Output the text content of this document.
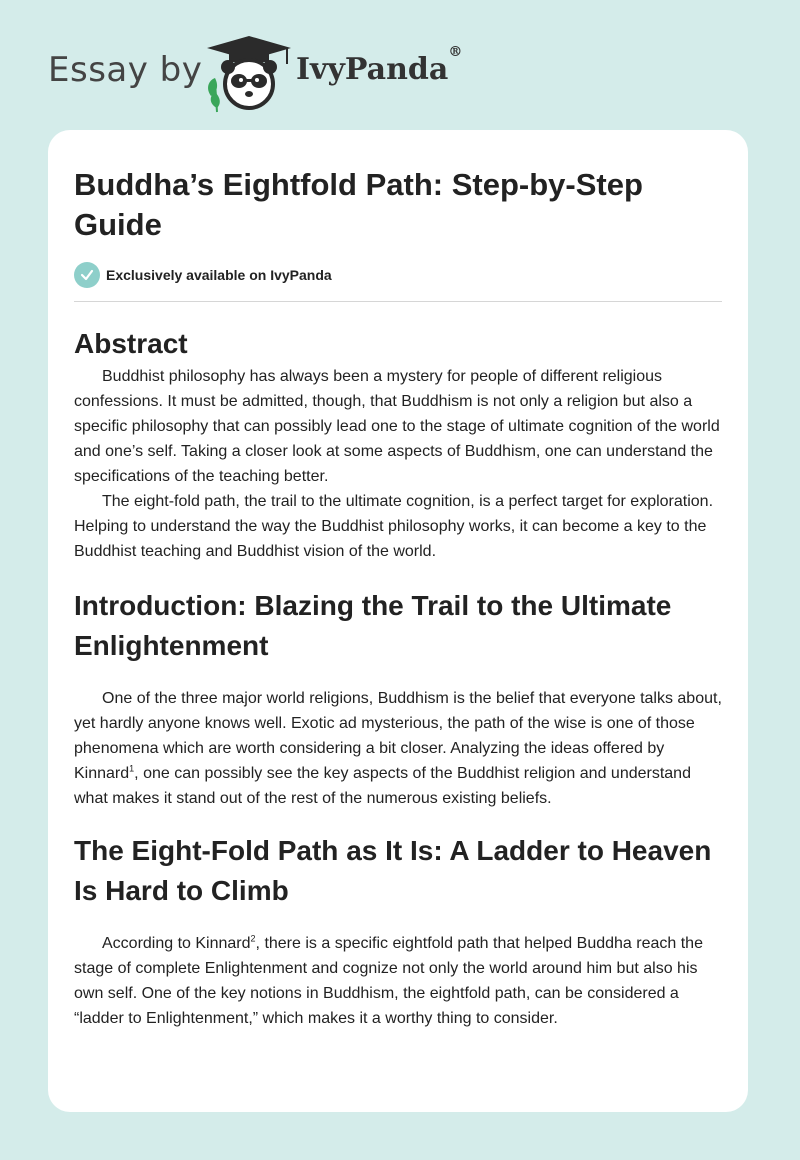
Essay by	IvyPanda®
Buddha’s Eightfold Path: Step-by-Step Guide
Exclusively available on IvyPanda
Abstract

Buddhist philosophy has always been a mystery for people of different religious confessions. It must be admitted, though, that Buddhism is not only a religion but also a specific philosophy that can possibly lead one to the stage of ultimate cognition of the world and one’s self. Taking a closer look at some aspects of Buddhism, one can understand the specifications of the teaching better.

The eight-fold path, the trail to the ultimate cognition, is a perfect target for exploration. Helping to understand the way the Buddhist philosophy works, it can become a key to the Buddhist teaching and Buddhist vision of the world.

Introduction: Blazing the Trail to the Ultimate Enlightenment

One of the three major world religions, Buddhism is the belief that everyone talks about, yet hardly anyone knows well. Exotic ad mysterious, the path of the wise is one of those phenomena which are worth considering a bit closer. Analyzing the ideas offered by Kinnard$^1$, one can possibly see the key aspects of the Buddhist religion and understand what makes it stand out of the rest of the numerous existing beliefs.

The Eight-Fold Path as It Is: A Ladder to Heaven Is Hard to Climb

According to Kinnard$^2$, there is a specific eightfold path that helped Buddha reach the stage of complete Enlightenment and cognize not only the world around him but also his own self. One of the key notions in Buddhism, the eightfold path, can be considered a “ladder to Enlightenment,” which makes it a worthy thing to consider.
